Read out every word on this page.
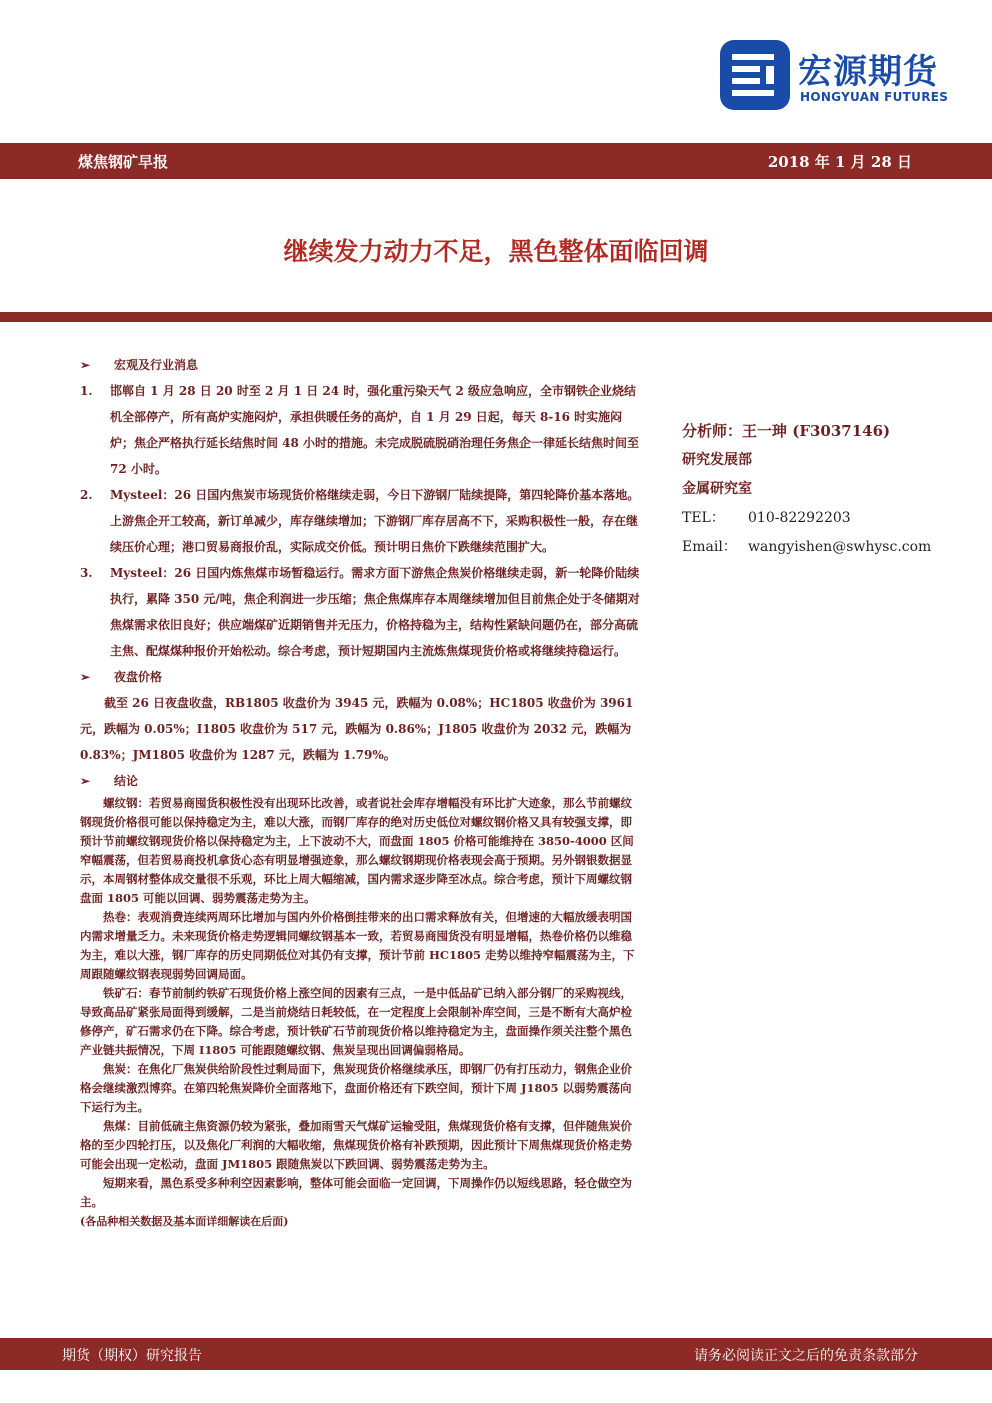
宏源期货
HONGYUAN FUTURES
煤焦钢矿早报	2018 年 1 月 28 日
继续发力动力不足，黑色整体面临回调
➢ 宏观及行业消息
1. 邯郸自 1 月 28 日 20 时至 2 月 1 日 24 时，强化重污染天气 2 级应急响应，全市钢铁企业烧结机全部停产，所有高炉实施闷炉，承担供暖任务的高炉，自 1 月 29 日起，每天 8-16 时实施闷炉；焦企严格执行延长结焦时间 48 小时的措施。未完成脱硫脱硝治理任务焦企一律延长结焦时间至 72 小时。
2. Mysteel：26 日国内焦炭市场现货价格继续走弱，今日下游钢厂陆续提降，第四轮降价基本落地。上游焦企开工较高，新订单减少，库存继续增加；下游钢厂库存居高不下，采购积极性一般，存在继续压价心理；港口贸易商报价乱，实际成交价低。预计明日焦价下跌继续范围扩大。
3. Mysteel：26 日国内炼焦煤市场暂稳运行。需求方面下游焦企焦炭价格继续走弱，新一轮降价陆续执行，累降 350 元/吨，焦企利润进一步压缩；焦企焦煤库存本周继续增加但目前焦企处于冬储期对焦煤需求依旧良好；供应端煤矿近期销售并无压力，价格持稳为主，结构性紧缺问题仍在，部分高硫主焦、配煤煤种报价开始松动。综合考虑，预计短期国内主流炼焦煤现货价格或将继续持稳运行。
➢ 夜盘价格
截至 26 日夜盘收盘，RB1805 收盘价为 3945 元，跌幅为 0.08%；HC1805 收盘价为 3961 元，跌幅为 0.05%；I1805 收盘价为 517 元，跌幅为 0.86%；J1805 收盘价为 2032 元，跌幅为 0.83%；JM1805 收盘价为 1287 元，跌幅为 1.79%。
➢ 结论

螺纹钢：若贸易商囤货积极性没有出现环比改善，或者说社会库存增幅没有环比扩大迹象，那么节前螺纹钢现货价格很可能以保持稳定为主，难以大涨，而钢厂库存的绝对历史低位对螺纹钢价格又具有较强支撑，即预计节前螺纹钢现货价格以保持稳定为主，上下波动不大，而盘面 1805 价格可能维持在 3850-4000 区间窄幅震荡，但若贸易商投机拿货心态有明显增强迹象，那么螺纹钢期现价格表现会高于预期。另外钢银数据显示，本周钢材整体成交量很不乐观，环比上周大幅缩减，国内需求逐步降至冰点。综合考虑，预计下周螺纹钢盘面 1805 可能以回调、弱势震荡走势为主。

热卷：表观消费连续两周环比增加与国内外价格倒挂带来的出口需求释放有关，但增速的大幅放缓表明国内需求增量乏力。未来现货价格走势逻辑同螺纹钢基本一致，若贸易商囤货没有明显增幅，热卷价格仍以维稳为主，难以大涨，钢厂库存的历史同期低位对其仍有支撑，预计节前 HC1805 走势以维持窄幅震荡为主，下周跟随螺纹钢表现弱势回调局面。

铁矿石：春节前制约铁矿石现货价格上涨空间的因素有三点，一是中低品矿已纳入部分钢厂的采购视线，导致高品矿紧张局面得到缓解，二是当前烧结日耗较低，在一定程度上会限制补库空间，三是不断有大高炉检修停产，矿石需求仍在下降。综合考虑，预计铁矿石节前现货价格以维持稳定为主，盘面操作须关注整个黑色产业链共振情况，下周 I1805 可能跟随螺纹钢、焦炭呈现出回调偏弱格局。

焦炭：在焦化厂焦炭供给阶段性过剩局面下，焦炭现货价格继续承压，即钢厂仍有打压动力，钢焦企业价格会继续激烈博弈。在第四轮焦炭降价全面落地下，盘面价格还有下跌空间，预计下周 J1805 以弱势震荡向下运行为主。

焦煤：目前低硫主焦资源仍较为紧张，叠加雨雪天气煤矿运输受阻，焦煤现货价格有支撑，但伴随焦炭价格的至少四轮打压，以及焦化厂利润的大幅收缩，焦煤现货价格有补跌预期，因此预计下周焦煤现货价格走势可能会出现一定松动，盘面 JM1805 跟随焦炭以下跌回调、弱势震荡走势为主。

短期来看，黑色系受多种利空因素影响，整体可能会面临一定回调，下周操作仍以短线思路，轻仓做空为主。

(各品种相关数据及基本面详细解读在后面)
分析师：王一珅 (F3037146)
研究发展部
金属研究室
TEL： 010-82292203
Email： wangyishen@swhysc.com
期货（期权）研究报告	请务必阅读正文之后的免责条款部分
